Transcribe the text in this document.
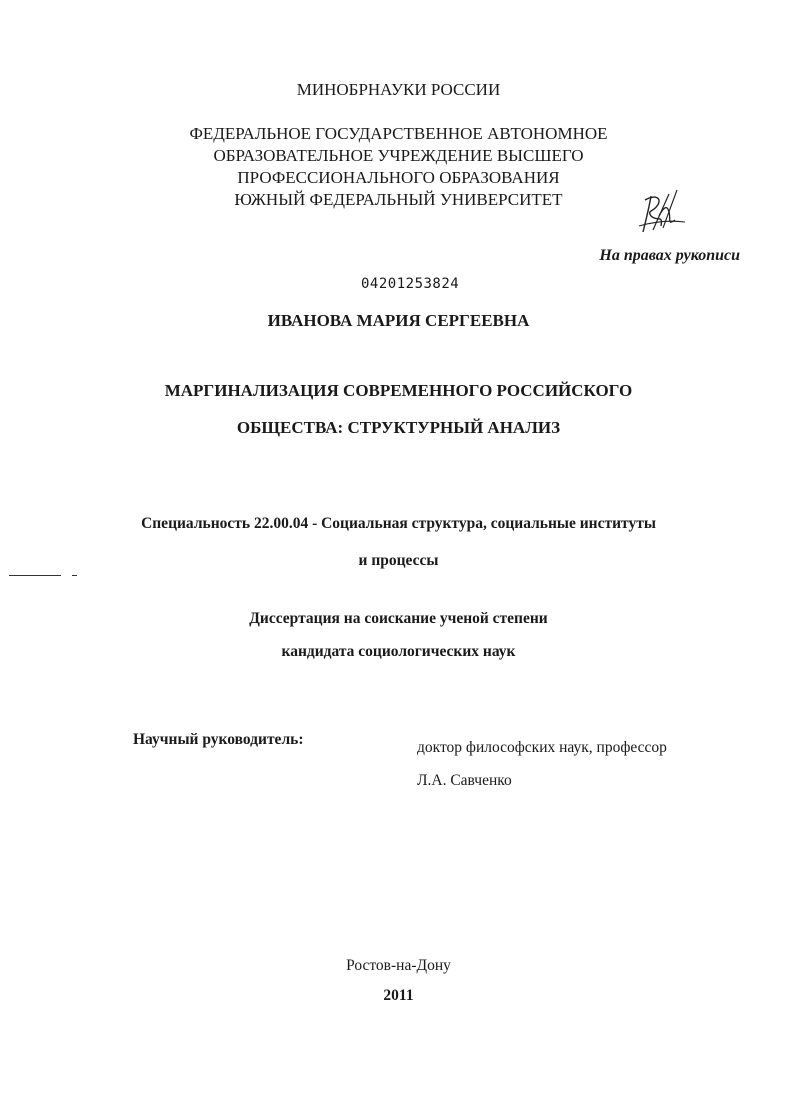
МИНОБРНАУКИ РОССИИ
ФЕДЕРАЛЬНОЕ ГОСУДАРСТВЕННОЕ АВТОНОМНОЕ
ОБРАЗОВАТЕЛЬНОЕ УЧРЕЖДЕНИЕ ВЫСШЕГО
ПРОФЕССИОНАЛЬНОГО ОБРАЗОВАНИЯ
ЮЖНЫЙ ФЕДЕРАЛЬНЫЙ УНИВЕРСИТЕТ
На правах рукописи
04201253824
ИВАНОВА МАРИЯ СЕРГЕЕВНА
МАРГИНАЛИЗАЦИЯ СОВРЕМЕННОГО РОССИЙСКОГО
ОБЩЕСТВА: СТРУКТУРНЫЙ АНАЛИЗ
Специальность 22.00.04 - Социальная структура, социальные институты
и процессы
Диссертация на соискание ученой степени
кандидата социологических наук
Научный руководитель:	доктор философских наук, профессор
Л.А. Савченко
Ростов-на-Дону
2011
